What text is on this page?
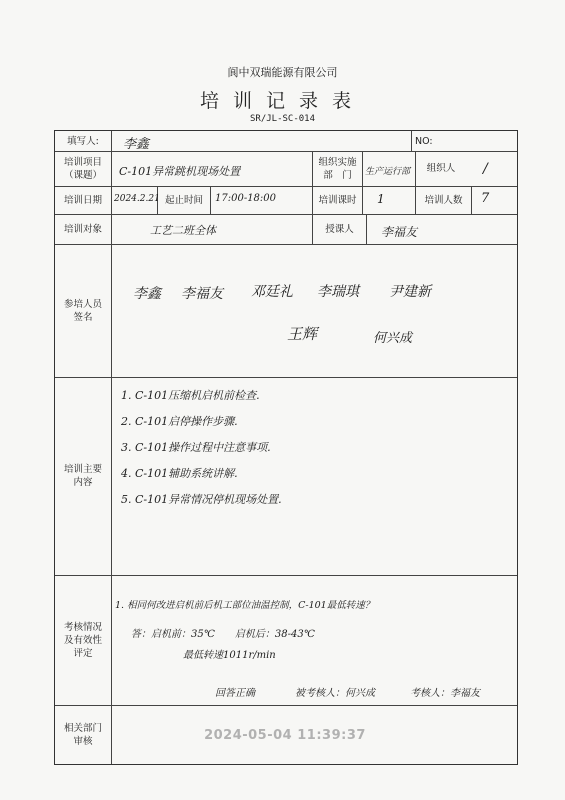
阆中双瑞能源有限公司
培训记录表
SR/JL-SC-014
填写人:	李鑫	NO:
培训项目
（课题）	C-101异常跳机现场处置
组织实施
部　门	生产运行部	组织人	/
培训日期	2024.2.21 起止时间	17:00-18:00	培训课时	1	培训人数	7
培训对象	工艺二班全体	授课人	李福友
参培人员
签名
李鑫 李福友 邓廷礼 李瑞琪 尹建新
王辉	何兴成
培训主要
内容
1. C-101压缩机启机前检查.
2. C-101启停操作步骤.
3. C-101操作过程中注意事项.
4. C-101辅助系统讲解.
5. C-101异常情况停机现场处置.
考核情况
及有效性
评定
1. 相同何改进启机前后机工部位油温控制，C-101最低转速？
答：启机前：35℃　　启机后：38-43℃
最低转速1011r/min
回答正确	被考核人：何兴成	考核人：李福友
相关部门
审核	2024-05-04 11:39:37
